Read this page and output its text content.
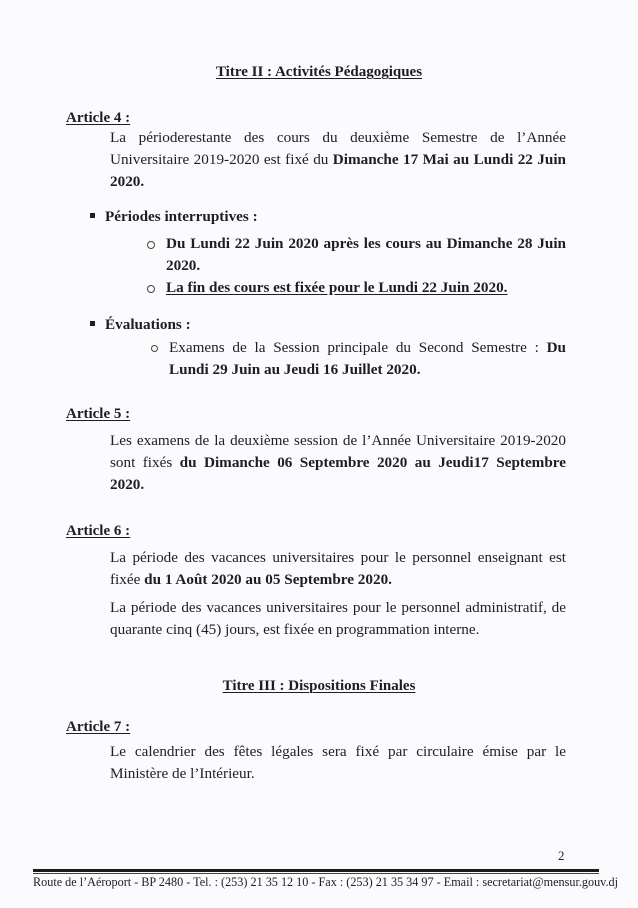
Titre II : Activités Pédagogiques
Article 4 :
La périoderestante des cours du deuxième Semestre de l’Année Universitaire 2019-2020 est fixé du Dimanche 17 Mai au Lundi 22 Juin 2020.
Périodes interruptives :
Du Lundi 22 Juin 2020 après les cours au Dimanche 28 Juin 2020.
La fin des cours est fixée pour le Lundi 22 Juin 2020.
Évaluations :
Examens de la Session principale du Second Semestre : Du Lundi 29 Juin au Jeudi 16 Juillet 2020.
Article 5 :
Les examens de la deuxième session de l’Année Universitaire 2019-2020 sont fixés du Dimanche 06 Septembre 2020 au Jeudi17 Septembre 2020.
Article 6 :
La période des vacances universitaires pour le personnel enseignant est fixée du 1 Août 2020 au 05 Septembre 2020.
La période des vacances universitaires pour le personnel administratif, de quarante cinq (45) jours, est fixée en programmation interne.
Titre III : Dispositions Finales
Article 7 :
Le calendrier des fêtes légales sera fixé par circulaire émise par le Ministère de l’Intérieur.
2
Route de l’Aéroport - BP 2480 - Tel. : (253) 21 35 12 10 - Fax : (253) 21 35 34 97 - Email : secretariat@mensur.gouv.dj
